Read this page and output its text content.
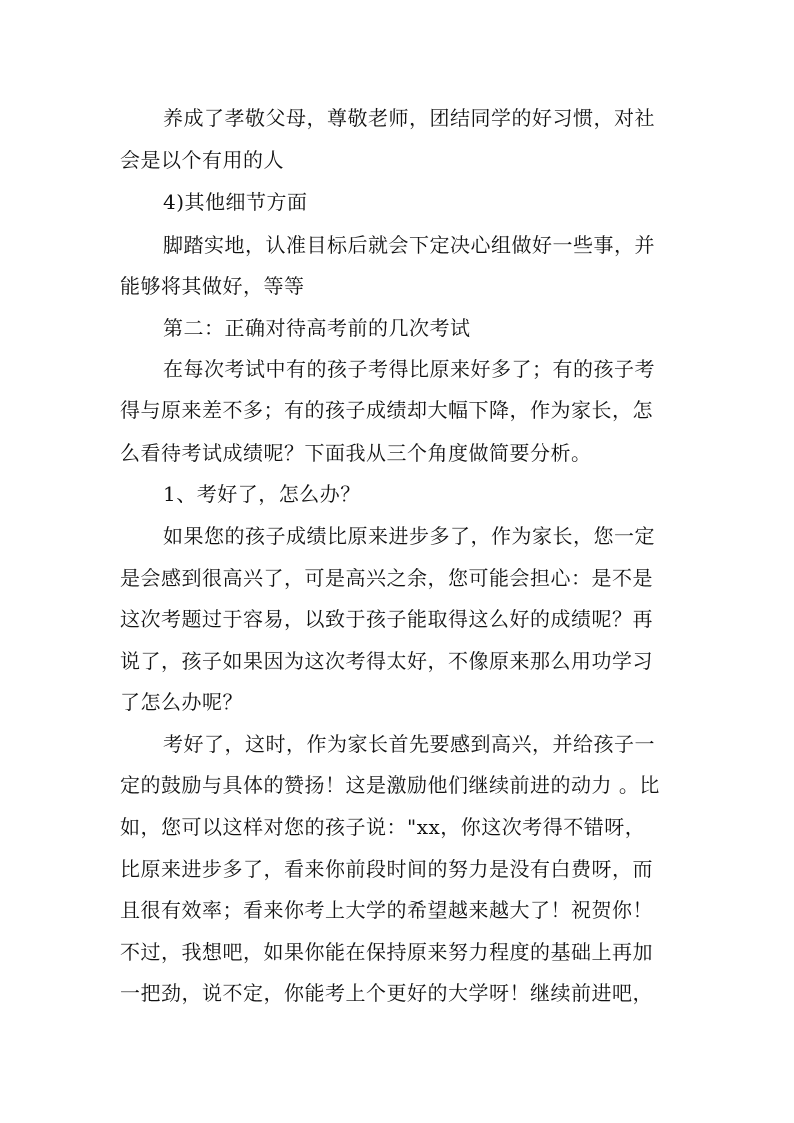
养成了孝敬父母，尊敬老师，团结同学的好习惯，对社
会是以个有用的人
4)其他细节方面
脚踏实地，认准目标后就会下定决心组做好一些事，并
能够将其做好，等等
第二：正确对待高考前的几次考试
在每次考试中有的孩子考得比原来好多了；有的孩子考
得与原来差不多；有的孩子成绩却大幅下降，作为家长，怎
么看待考试成绩呢？下面我从三个角度做简要分析。
1、考好了，怎么办？
如果您的孩子成绩比原来进步多了，作为家长，您一定
是会感到很高兴了，可是高兴之余，您可能会担心：是不是
这次考题过于容易，以致于孩子能取得这么好的成绩呢？再
说了，孩子如果因为这次考得太好，不像原来那么用功学习
了怎么办呢？
考好了，这时，作为家长首先要感到高兴，并给孩子一
定的鼓励与具体的赞扬！这是激励他们继续前进的动力 。比
如，您可以这样对您的孩子说："xx，你这次考得不错呀，
比原来进步多了，看来你前段时间的努力是没有白费呀，而
且很有效率；看来你考上大学的希望越来越大了！祝贺你！
不过，我想吧，如果你能在保持原来努力程度的基础上再加
一把劲，说不定，你能考上个更好的大学呀！继续前进吧，
